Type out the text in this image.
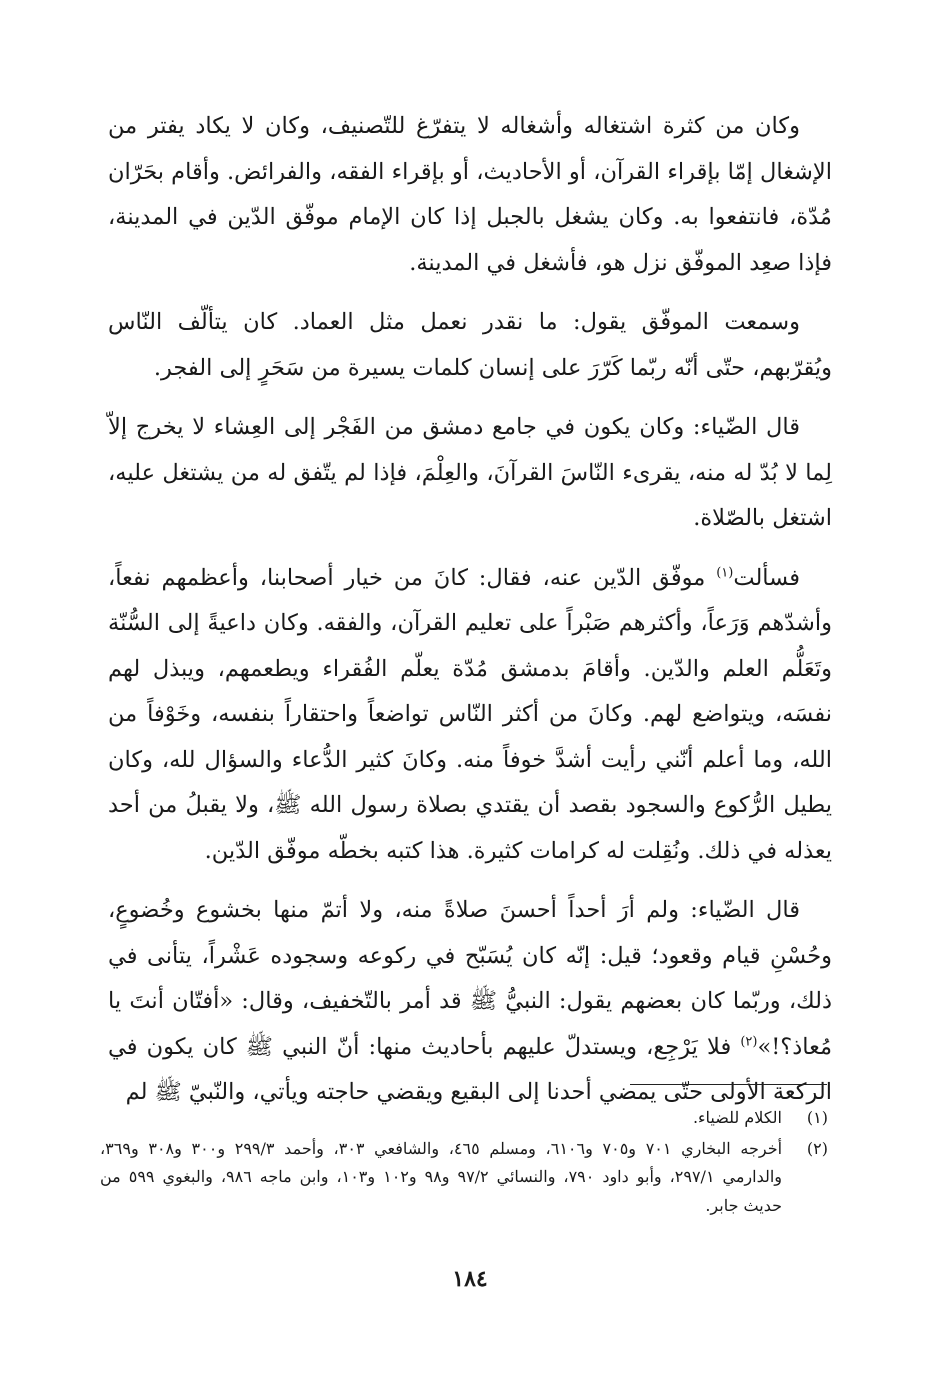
وكان من كثرة اشتغاله وأشغاله لا يتفرّغ للتّصنيف، وكان لا يكاد يفتر من الإشغال إمّا بإقراء القرآن، أو الأحاديث، أو بإقراء الفقه، والفرائض. وأقام بحَرّان مُدّة، فانتفعوا به. وكان يشغل بالجبل إذا كان الإمام موفّق الدّين في المدينة، فإذا صعِد الموفّق نزل هو، فأشغل في المدينة.

وسمعت الموفّق يقول: ما نقدر نعمل مثل العماد. كان يتألّف النّاس ويُقرّبهم، حتّى أنّه ربّما كَرّرَ على إنسان كلمات يسيرة من سَحَرٍ إلى الفجر.

قال الضّياء: وكان يكون في جامع دمشق من الفَجْر إلى العِشاء لا يخرج إلاّ لِما لا بُدّ له منه، يقرىء النّاسَ القرآنَ، والعِلْمَ، فإذا لم يتّفق له من يشتغل عليه، اشتغل بالصّلاة.

فسألت$^{(١)}$ موفّق الدّين عنه، فقال: كانَ من خيار أصحابنا، وأعظمهم نفعاً، وأشدّهم وَرَعاً، وأكثرهم صَبْراً على تعليم القرآن، والفقه. وكان داعيةً إلى السُّنّة وتَعَلُّم العلم والدّين. وأقامَ بدمشق مُدّة يعلّم الفُقراء ويطعمهم، ويبذل لهم نفسَه، ويتواضع لهم. وكانَ من أكثر النّاس تواضعاً واحتقاراً بنفسه، وخَوْفاً من الله، وما أعلم أنّني رأيت أشدَّ خوفاً منه. وكانَ كثير الدُّعاء والسؤال لله، وكان يطيل الرُّكوع والسجود بقصد أن يقتدي بصلاة رسول الله ﷺ، ولا يقبلُ من أحد يعذله في ذلك. ونُقِلت له كرامات كثيرة. هذا كتبه بخطّه موفّق الدّين.

قال الضّياء: ولم أرَ أحداً أحسنَ صلاةً منه، ولا أتمّ منها بخشوع وخُضوعٍ، وحُسْنِ قيام وقعود؛ قيل: إنّه كان يُسَبّح في ركوعه وسجوده عَشْراً، يتأنى في ذلك، وربّما كان بعضهم يقول: النبيُّ ﷺ قد أمر بالتّخفيف، وقال: «أفتّان أنتَ يا مُعاذ؟!»$^{(٢)}$ فلا يَرْجِع، ويستدلّ عليهم بأحاديث منها: أنّ النبي ﷺ كان يكون في الركعة الأولى حتّى يمضي أحدنا إلى البقيع ويقضي حاجته ويأتي، والنّبيّ ﷺ لم

(١)
الكلام للضياء.
(٢)
أخرجه البخاري ٧٠١ و٧٠٥ و٦١٠٦، ومسلم ٤٦٥، والشافعي ٣٠٣، وأحمد ٢٩٩/٣ و٣٠٠ و٣٠٨ و٣٦٩، والدارمي ٢٩٧/١، وأبو داود ٧٩٠، والنسائي ٩٧/٢ و٩٨ و١٠٢ و١٠٣، وابن ماجه ٩٨٦، والبغوي ٥٩٩ من حديث جابر.
١٨٤
